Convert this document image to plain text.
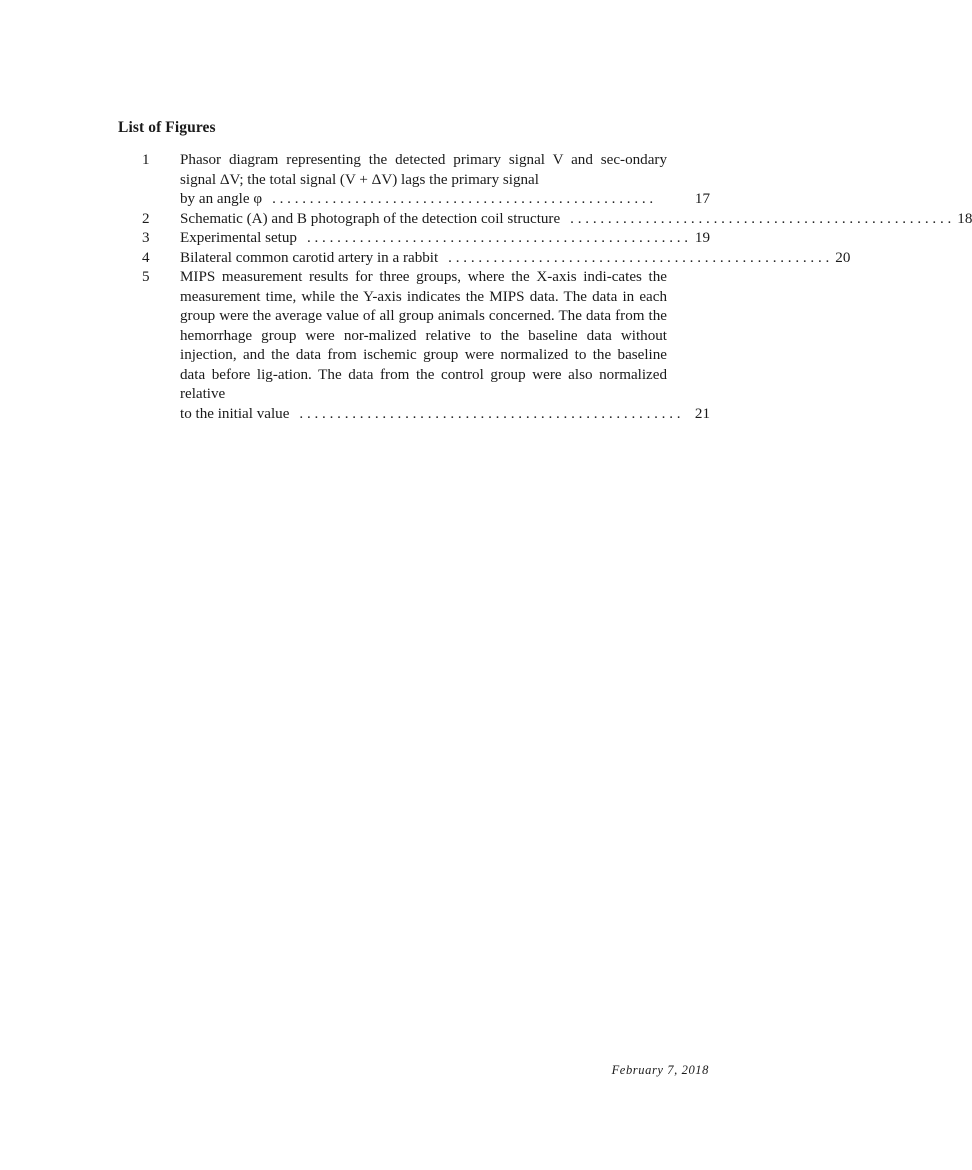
List of Figures
1 Phasor diagram representing the detected primary signal V and sec-ondary signal ΔV; the total signal (V + ΔV) lags the primary signal
by an angle φ . . . . . . . . . . . . . . . . . . . . . . . . . . . . . . . . . . . . . . . . . . . . . . . . . . .	17
2 Schematic (A) and B photograph of the detection coil structure . . . . . . . . . . . . . . . . . . . . . . . . . . . . . . . . . . . . . . . . . . . . . . . . . . . 18
3 Experimental setup . . . . . . . . . . . . . . . . . . . . . . . . . . . . . . . . . . . . . . . . . . . . . . . . . . . 19
4 Bilateral common carotid artery in a rabbit . . . . . . . . . . . . . . . . . . . . . . . . . . . . . . . . . . . . . . . . . . . . . . . . . . . 20
5 MIPS measurement results for three groups, where the X-axis indi-cates the measurement time, while the Y-axis indicates the MIPS data. The data in each group were the average value of all group animals concerned. The data from the hemorrhage group were nor-malized relative to the baseline data without injection, and the data from ischemic group were normalized to the baseline data before lig-ation. The data from the control group were also normalized relative
to the initial value . . . . . . . . . . . . . . . . . . . . . . . . . . . . . . . . . . . . . . . . . . . . . . . . . . . 21
February 7, 2018
